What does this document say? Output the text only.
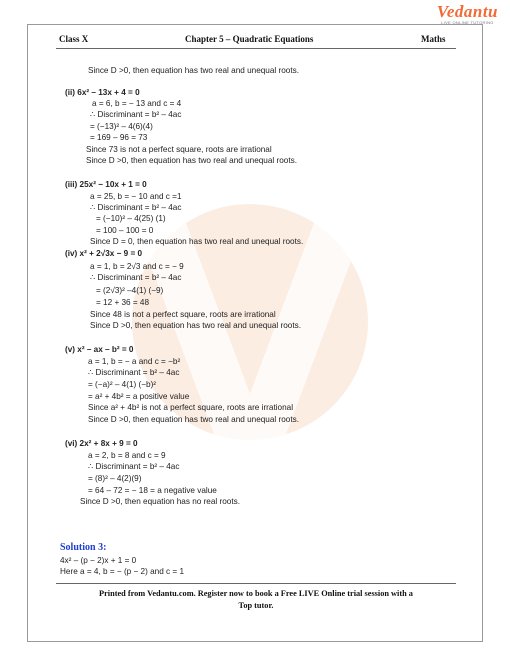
Vedantu
LIVE ONLINE TUTORING
Class X	Chapter 5 – Quadratic Equations	Maths
Since D >0, then equation has two real and unequal roots.
(ii) 6x² – 13x + 4 = 0
a = 6, b = − 13 and c = 4
∴ Discriminant = b² – 4ac
= (−13)² – 4(6)(4)
= 169 – 96 = 73
Since 73 is not a perfect square, roots are irrational
Since D >0, then equation has two real and unequal roots.
(iii) 25x² − 10x + 1 = 0
a = 25, b = − 10 and c =1
∴ Discriminant = b² – 4ac
= (−10)² – 4(25) (1)
= 100 – 100 = 0
Since D = 0, then equation has two real and unequal roots.
(iv) x² + 2√3x − 9 = 0
a = 1, b = 2√3 and c = − 9
∴ Discriminant = b² – 4ac
= (2√3)² –4(1) (−9)
= 12 + 36 = 48
Since 48 is not a perfect square, roots are irrational
Since D >0, then equation has two real and unequal roots.
(v) x² – ax – b² = 0
a = 1, b = − a and c = −b²
∴ Discriminant = b² – 4ac
= (−a)² – 4(1) (−b)²
= a² + 4b² = a positive value
Since a² + 4b² is not a perfect square, roots are irrational
Since D >0, then equation has two real and unequal roots.
(vi) 2x² + 8x + 9 = 0
a = 2, b = 8 and c = 9
∴ Discriminant = b² – 4ac
= (8)² – 4(2)(9)
= 64 – 72 = − 18 = a negative value
Since D >0, then equation has no real roots.
Solution 3:
4x² – (p − 2)x + 1 = 0
Here a = 4, b = − (p − 2) and c = 1
Printed from Vedantu.com. Register now to book a Free LIVE Online trial session with a
Top tutor.
